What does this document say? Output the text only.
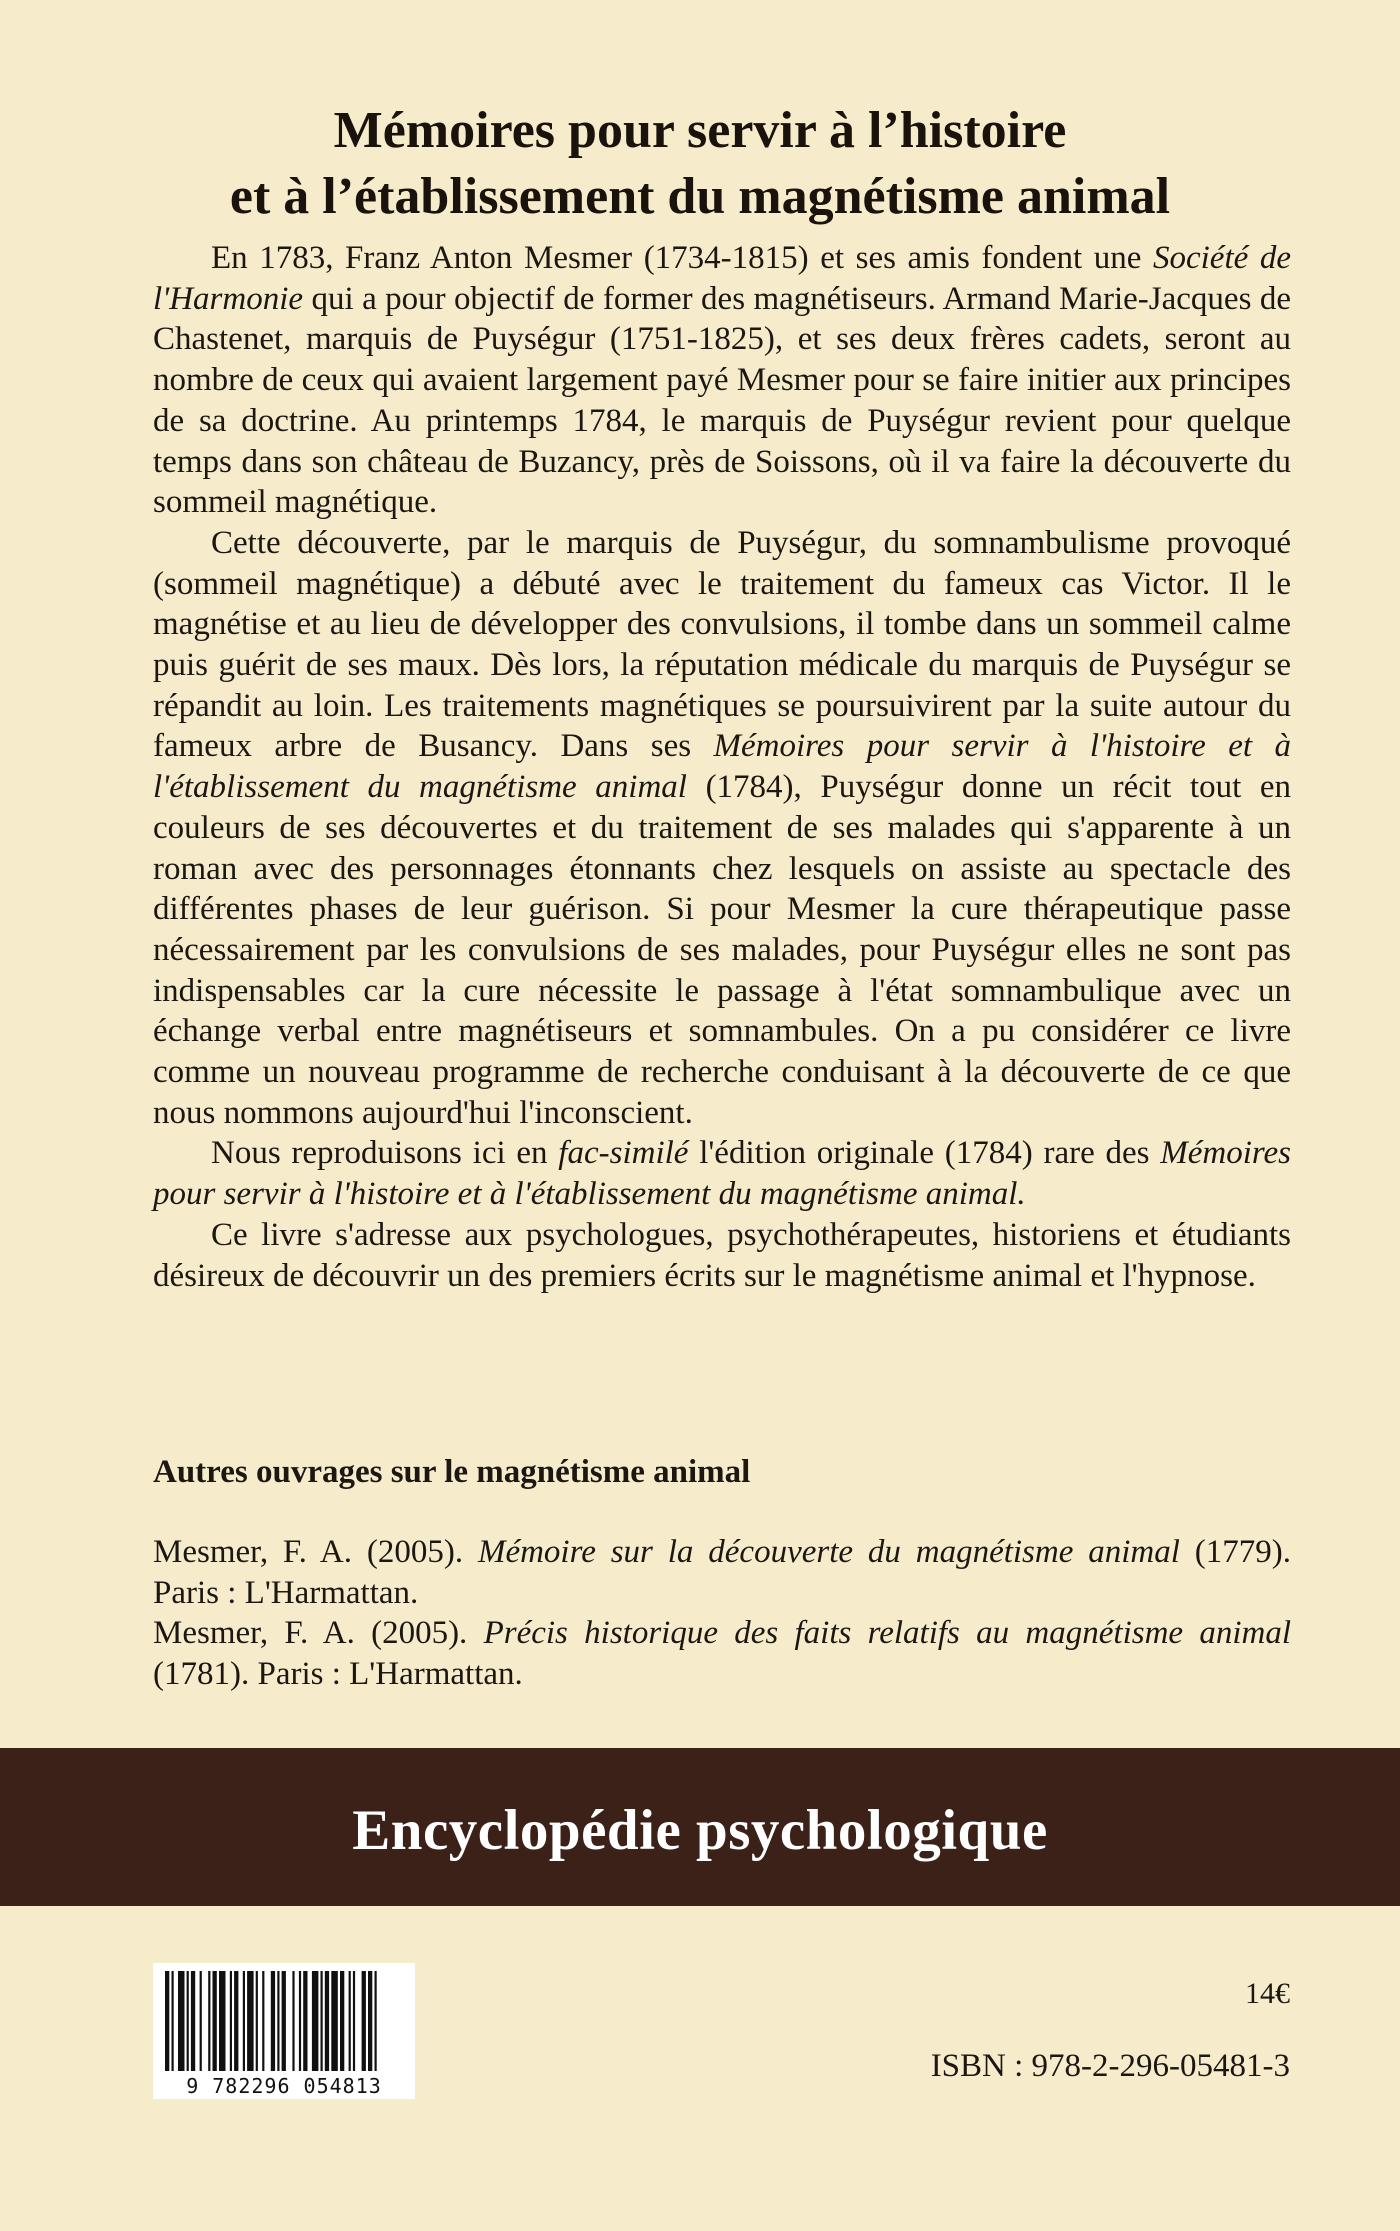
Mémoires pour servir à l’histoire
et à l’établissement du magnétisme animal

En 1783, Franz Anton Mesmer (1734-1815) et ses amis fondent une Société de l'Harmonie qui a pour objectif de former des magnétiseurs. Armand Marie-Jacques de Chastenet, marquis de Puységur (1751-1825), et ses deux frères cadets, seront au nombre de ceux qui avaient largement payé Mesmer pour se faire initier aux principes de sa doctrine. Au printemps 1784, le marquis de Puységur revient pour quelque temps dans son château de Buzancy, près de Soissons, où il va faire la découverte du sommeil magnétique.

Cette découverte, par le marquis de Puységur, du somnambulisme provoqué (sommeil magnétique) a débuté avec le traitement du fameux cas Victor. Il le magnétise et au lieu de développer des convulsions, il tombe dans un sommeil calme puis guérit de ses maux. Dès lors, la réputation médicale du marquis de Puységur se répandit au loin. Les traitements magnétiques se poursuivirent par la suite autour du fameux arbre de Busancy. Dans ses Mémoires pour servir à l'histoire et à l'établissement du magnétisme animal (1784), Puységur donne un récit tout en couleurs de ses découvertes et du traitement de ses malades qui s'apparente à un roman avec des personnages étonnants chez lesquels on assiste au spectacle des différentes phases de leur guérison. Si pour Mesmer la cure thérapeutique passe nécessairement par les convulsions de ses malades, pour Puységur elles ne sont pas indispensables car la cure nécessite le passage à l'état somnambulique avec un échange verbal entre magnétiseurs et somnambules. On a pu considérer ce livre comme un nouveau programme de recherche conduisant à la découverte de ce que nous nommons aujourd'hui l'inconscient.

Nous reproduisons ici en fac-similé l'édition originale (1784) rare des Mémoires pour servir à l'histoire et à l'établissement du magnétisme animal.

Ce livre s'adresse aux psychologues, psychothérapeutes, historiens et étudiants désireux de découvrir un des premiers écrits sur le magnétisme animal et l'hypnose.

Autres ouvrages sur le magnétisme animal

Mesmer, F. A. (2005). Mémoire sur la découverte du magnétisme animal (1779). Paris : L'Harmattan.

Mesmer, F. A. (2005). Précis historique des faits relatifs au magnétisme animal (1781). Paris : L'Harmattan.

Encyclopédie psychologique
9 782296 054813
14€
ISBN : 978-2-296-05481-3
